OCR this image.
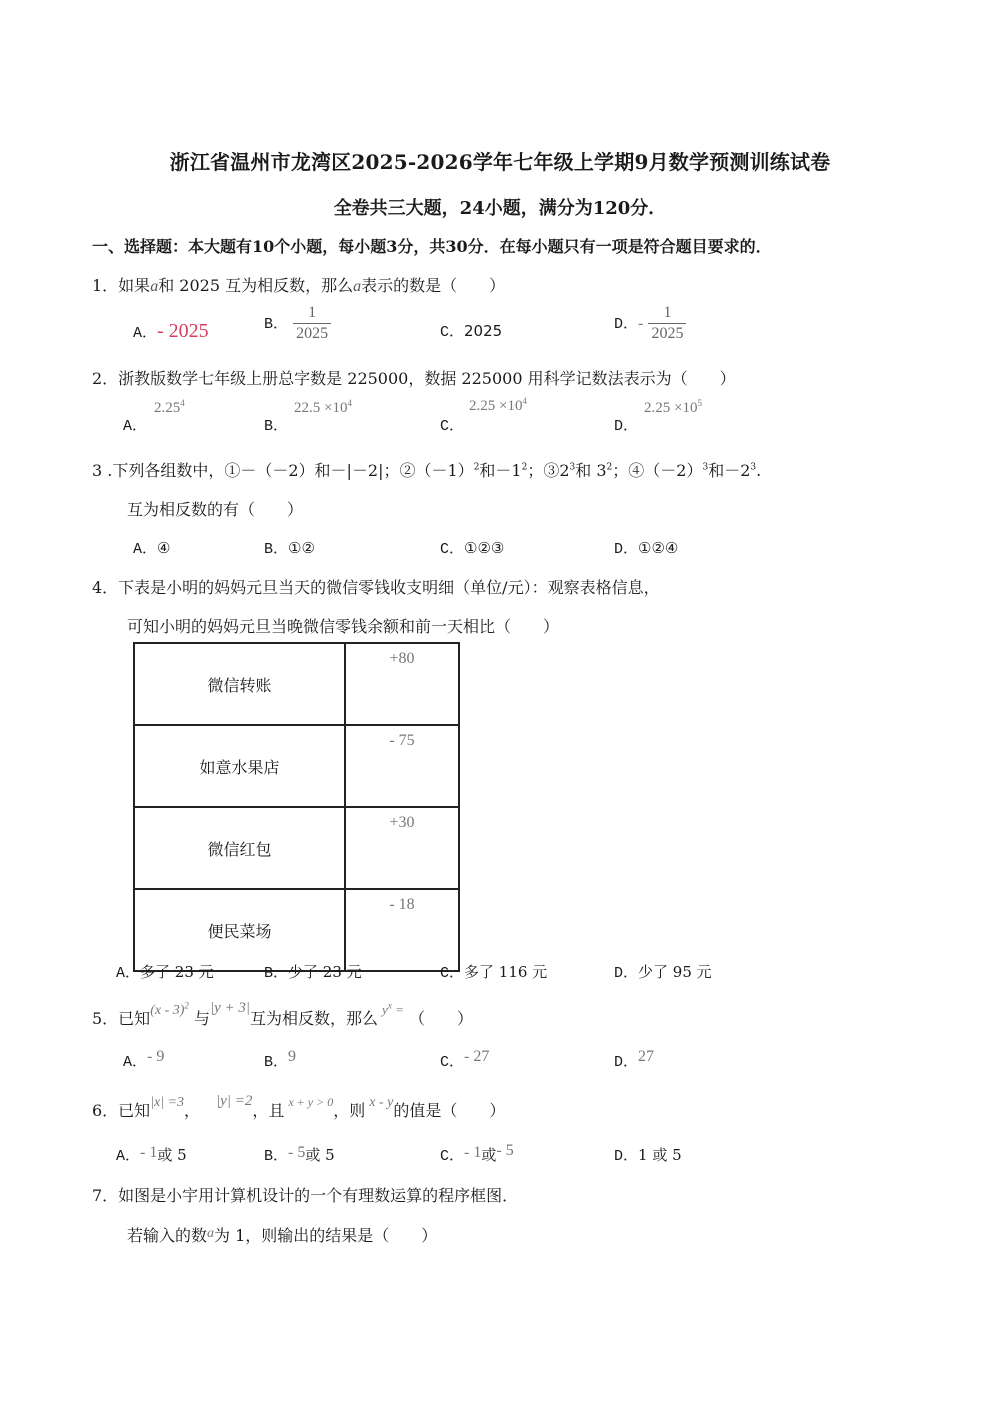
浙江省温州市龙湾区2025-2026学年七年级上学期9月数学预测训练试卷
全卷共三大题，24小题，满分为120分．
一、选择题：本大题有10个小题，每小题3分，共30分．在每小题只有一项是符合题目要求的．
1．如果a和 2025 互为相反数，那么a表示的数是（　　）
A．- 2025	B． $\frac{1}{2025}$	C．2025	D．- $\frac{1}{2025}$
2．浙教版数学七年级上册总字数是 225000，数据 225000 用科学记数法表示为（　　）
2.25$^4$
A．
$22.5 \times 10^4$
B．
$2.25 \times 10^4$
C．
$2.25 \times 10^5$
D．
3 .下列各组数中，①－（－2）和－|－2|；$②(-1)^2$和$-1^2$；$③2^3$和 $3^2$；$④(-2)^3$和$-2^3$.
互为相反数的有（　　）
A．④	B．①②	C．①②③	D．①②④
4．下表是小明的妈妈元旦当天的微信零钱收支明细（单位/元）：观察表格信息，
可知小明的妈妈元旦当晚微信零钱余额和前一天相比（　　）
微信转账	+80
如意水果店	- 75
微信红包	+30
便民菜场	- 18
A．多了 23 元	B．少了 23 元	C．多了 116 元	D．少了 95 元
5．已知(x - 3)$^2$ 与|y + 3|互为相反数，那么 $^{y^x =}$ （　　）
A．- 9	B．9	C．- 27	D．27
6．已知|x| =3， |y| =2，且 $^{x + y > 0}$，则 x - y的值是（　　）
A．- 1或 5	B．- 5或 5	C．- 1或- 5	D．1 或 5
7．如图是小宇用计算机设计的一个有理数运算的程序框图．
若输入的数a为 1，则输出的结果是（　　）
